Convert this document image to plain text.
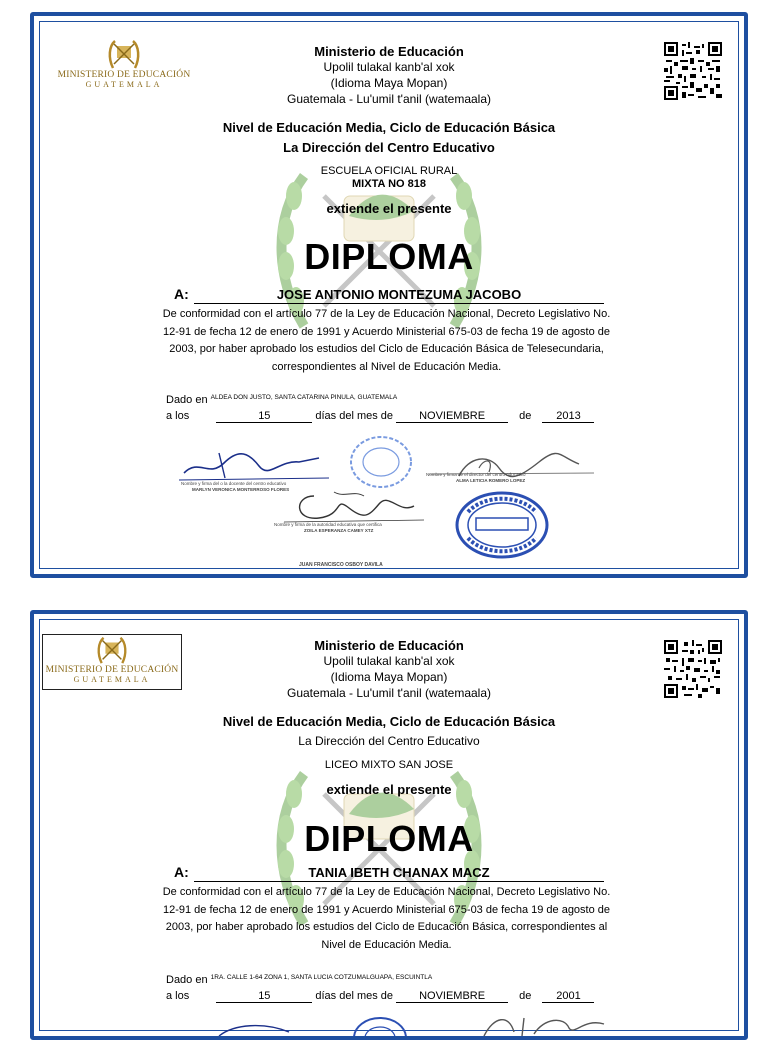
MINISTERIO DE EDUCACIÓN
GUATEMALA
Ministerio de Educación
Upolil tulakal kanb'al xok
(Idioma Maya Mopan)
Guatemala - Lu'umil t'anil (watemaala)
Nivel de Educación Media, Ciclo de Educación Básica
La Dirección del Centro Educativo
ESCUELA OFICIAL RURAL
MIXTA NO 818
extiende el presente
DIPLOMA
A:	JOSE ANTONIO MONTEZUMA JACOBO
De conformidad con el artículo 77 de la Ley de Educación Nacional, Decreto Legislativo No. 12-91 de fecha 12 de enero de 1991 y Acuerdo Ministerial 675-03 de fecha 19 de agosto de 2003, por haber aprobado los estudios del Ciclo de Educación Básica de Telesecundaria, correspondientes al Nivel de Educación Media.
Dado en $^{ALDEA DON JUSTO, SANTA CATARINA PINULA, GUATEMALA}$
a los	15	días del mes de NOVIEMBRE	de 2013
Nombre y firma del o la docente del centro educativo
MARLYN VERONICA MONTERROSO FLORES
Nombre y firma de el director del centro educativo
ALMA LETICIA ROMERO LOPEZ
Nombre y firma de la autoridad educativa que certifica
ZOILA ESPERANZA CAMEY XTZ
JUAN FRANCISCO OSBOY DAVILA
MINISTERIO DE EDUCACIÓN
GUATEMALA
Ministerio de Educación
Upolil tulakal kanb'al xok
(Idioma Maya Mopan)
Guatemala - Lu'umil t'anil (watemaala)
Nivel de Educación Media, Ciclo de Educación Básica
La Dirección del Centro Educativo
LICEO MIXTO SAN JOSE
extiende el presente
DIPLOMA
A:	TANIA IBETH CHANAX MACZ
De conformidad con el artículo 77 de la Ley de Educación Nacional, Decreto Legislativo No. 12-91 de fecha 12 de enero de 1991 y Acuerdo Ministerial 675-03 de fecha 19 de agosto de 2003, por haber aprobado los estudios del Ciclo de Educación Básica, correspondientes al Nivel de Educación Media.
Dado en $^{1RA. CALLE 1-64 ZONA 1, SANTA LUCIA COTZUMALGUAPA, ESCUINTLA}$
a los	15	días del mes de NOVIEMBRE	de 2001
